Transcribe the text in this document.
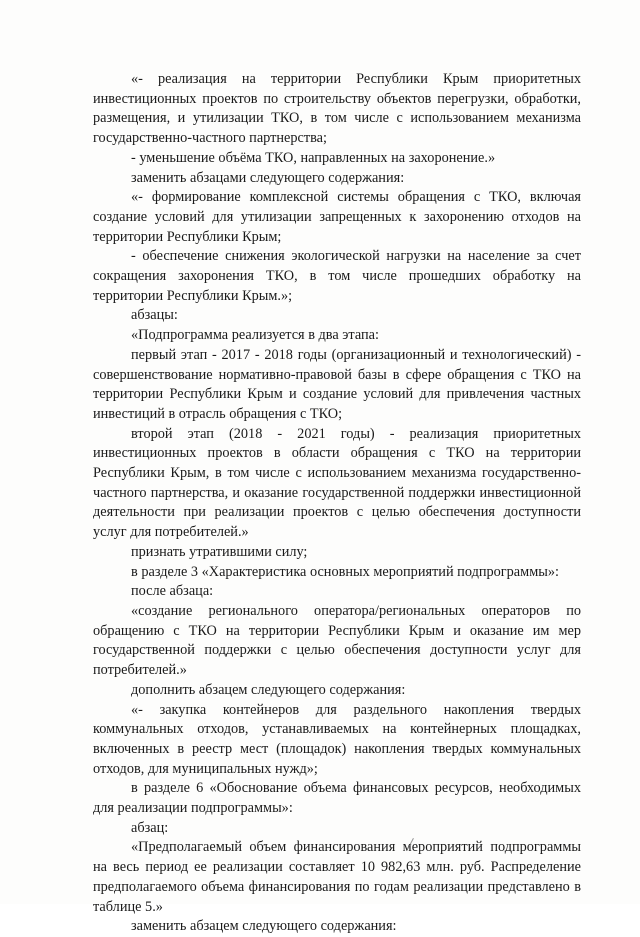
«- реализация на территории Республики Крым приоритетных инвестиционных проектов по строительству объектов перегрузки, обработки, размещения, и утилизации ТКО, в том числе с использованием механизма государственно-частного партнерства;

- уменьшение объёма ТКО, направленных на захоронение.»

заменить абзацами следующего содержания:

«- формирование комплексной системы обращения с ТКО, включая создание условий для утилизации запрещенных к захоронению отходов на территории Республики Крым;

- обеспечение снижения экологической нагрузки на население за счет сокращения захоронения ТКО, в том числе прошедших обработку на территории Республики Крым.»;

абзацы:

«Подпрограмма реализуется в два этапа:

первый этап - 2017 - 2018 годы (организационный и технологический) - совершенствование нормативно-правовой базы в сфере обращения с ТКО на территории Республики Крым и создание условий для привлечения частных инвестиций в отрасль обращения с ТКО;

второй этап (2018 - 2021 годы) - реализация приоритетных инвестиционных проектов в области обращения с ТКО на территории Республики Крым, в том числе с использованием механизма государственно-частного партнерства, и оказание государственной поддержки инвестиционной деятельности при реализации проектов с целью обеспечения доступности услуг для потребителей.»

признать утратившими силу;

в разделе 3 «Характеристика основных мероприятий подпрограммы»:

после абзаца:

«создание регионального оператора/региональных операторов по обращению с ТКО на территории Республики Крым и оказание им мер государственной поддержки с целью обеспечения доступности услуг для потребителей.»

дополнить абзацем следующего содержания:

«- закупка контейнеров для раздельного накопления твердых коммунальных отходов, устанавливаемых на контейнерных площадках, включенных в реестр мест (площадок) накопления твердых коммунальных отходов, для муниципальных нужд»;

в разделе 6 «Обоснование объема финансовых ресурсов, необходимых для реализации подпрограммы»:

абзац:

«Предполагаемый объем финансирования мероприятий подпрограммы на весь период ее реализации составляет 10 982,63 млн. руб. Распределение предполагаемого объема финансирования по годам реализации представлено в таблице 5.»

заменить абзацем следующего содержания:
